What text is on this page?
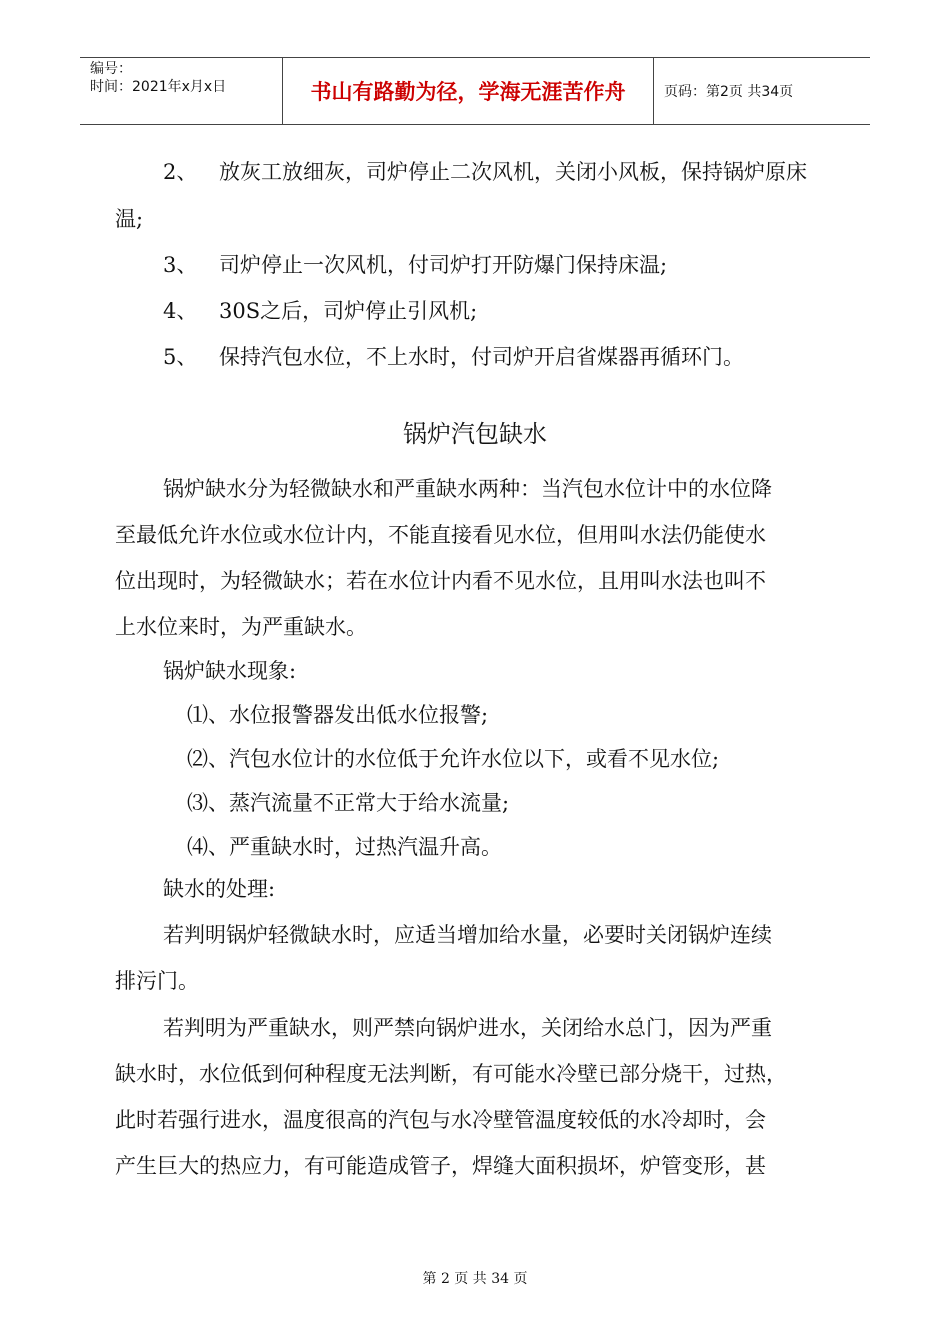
编号：
时间：2021年x月x日	书山有路勤为径，学海无涯苦作舟	页码：第2页 共34页
2、 放灰工放细灰，司炉停止二次风机，关闭小风板，保持锅炉原床
温;
3、 司炉停止一次风机，付司炉打开防爆门保持床温;
4、 30S之后，司炉停止引风机;
5、 保持汽包水位，不上水时，付司炉开启省煤器再循环门。
锅炉汽包缺水
锅炉缺水分为轻微缺水和严重缺水两种：当汽包水位计中的水位降
至最低允许水位或水位计内，不能直接看见水位，但用叫水法仍能使水
位出现时，为轻微缺水；若在水位计内看不见水位，且用叫水法也叫不
上水位来时，为严重缺水。
锅炉缺水现象:
⑴、水位报警器发出低水位报警;
⑵、汽包水位计的水位低于允许水位以下，或看不见水位;
⑶、蒸汽流量不正常大于给水流量;
⑷、严重缺水时，过热汽温升高。
缺水的处理:
若判明锅炉轻微缺水时，应适当增加给水量，必要时关闭锅炉连续
排污门。
若判明为严重缺水，则严禁向锅炉进水，关闭给水总门，因为严重
缺水时，水位低到何种程度无法判断，有可能水冷壁已部分烧干，过热，
此时若强行进水，温度很高的汽包与水冷壁管温度较低的水冷却时，会
产生巨大的热应力，有可能造成管子，焊缝大面积损坏，炉管变形，甚
第 2 页 共 34 页
